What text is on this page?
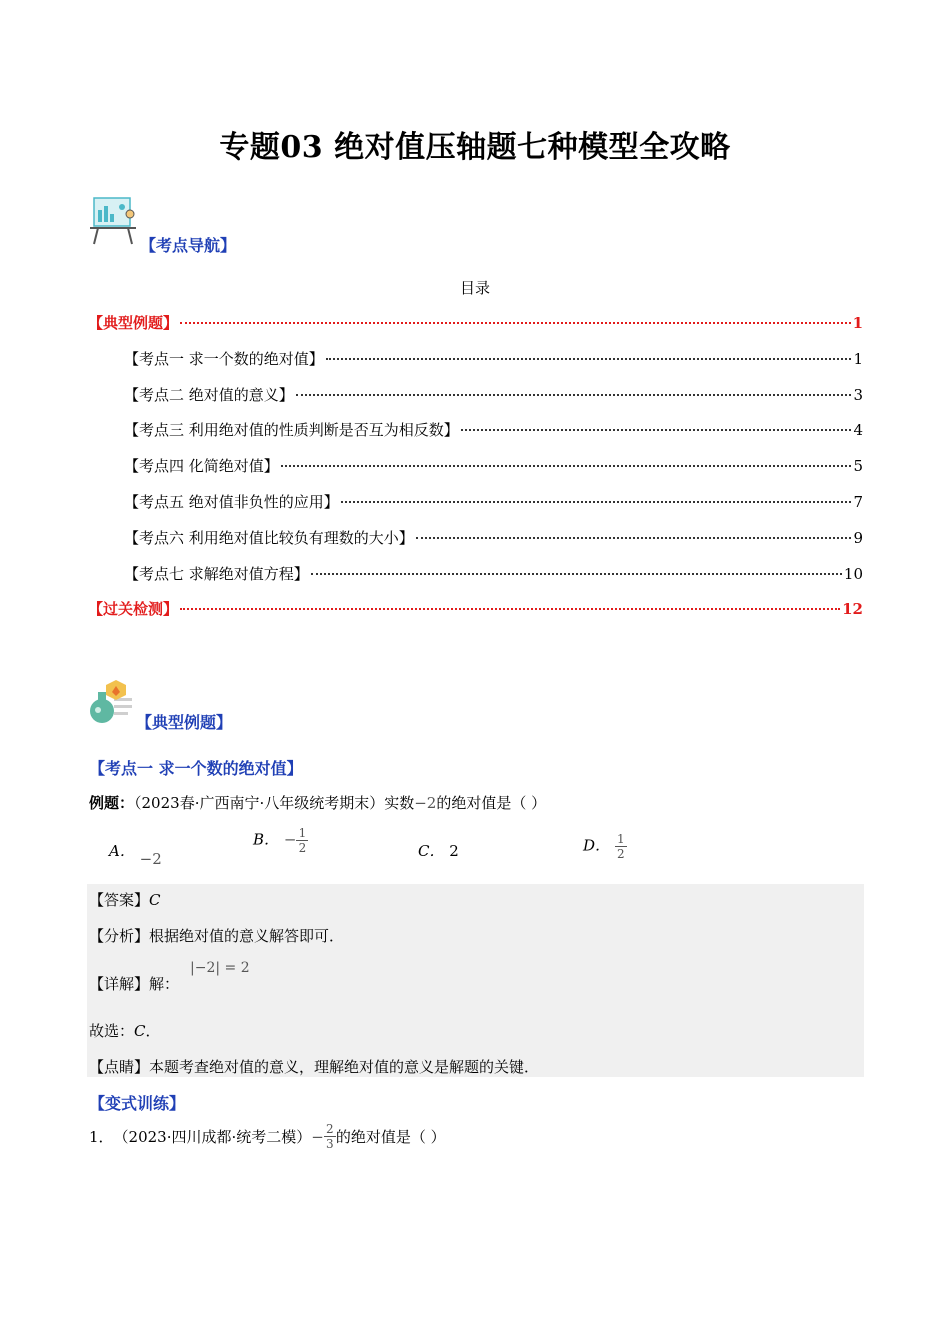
专题03 绝对值压轴题七种模型全攻略
【考点导航】
目录
【典型例题】	1
【考点一 求一个数的绝对值】	1
【考点二 绝对值的意义】	3
【考点三 利用绝对值的性质判断是否互为相反数】	4
【考点四 化简绝对值】	5
【考点五 绝对值非负性的应用】	7
【考点六 利用绝对值比较负有理数的大小】	9
【考点七 求解绝对值方程】	10
【过关检测】	12
【典型例题】
【考点一 求一个数的绝对值】
例题：（2023春·广西南宁·八年级统考期末）实数−2的绝对值是（ ）
A． −2
B． − $\frac{1}{2}$	C． 2	D． $\frac{1}{2}$
【答案】C
【分析】根据绝对值的意义解答即可．
【详解】解：
|−2| = 2
故选：C．
【点睛】本题考查绝对值的意义，理解绝对值的意义是解题的关键．
【变式训练】
1． （2023·四川成都·统考二模） − $\frac{2}{3}$ 的绝对值是（ ）
